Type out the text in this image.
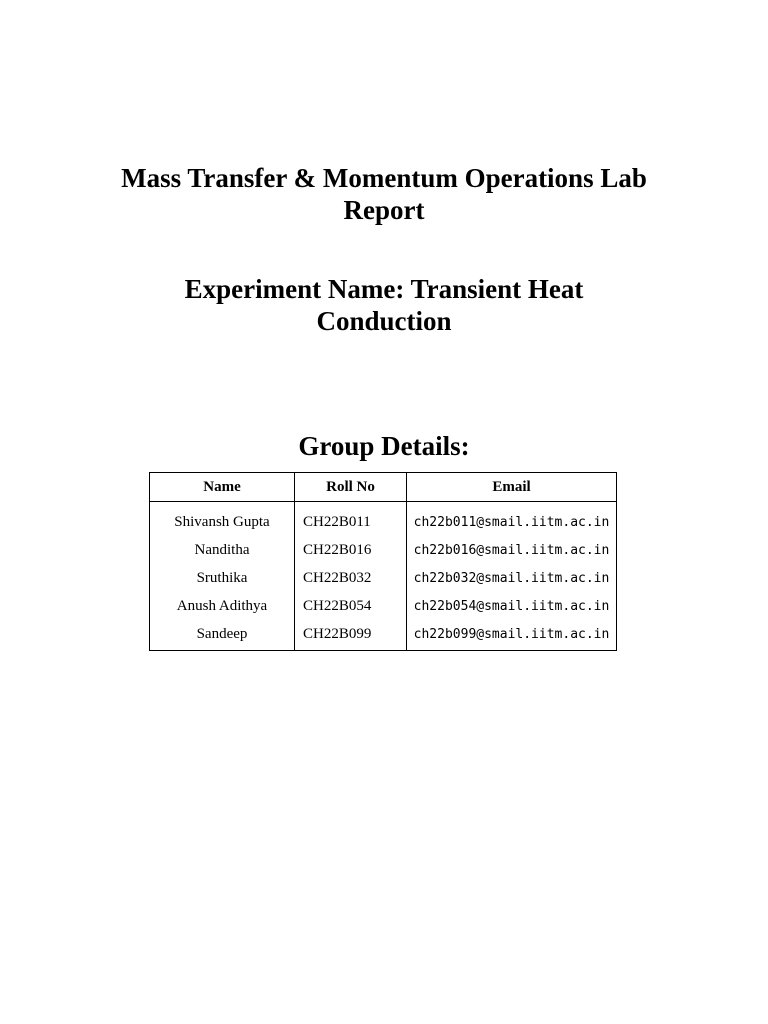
Mass Transfer & Momentum Operations Lab
Report
Experiment Name: Transient Heat
Conduction
Group Details:
Name	Roll No	Email
Shivansh Gupta	CH22B011	ch22b011@smail.iitm.ac.in
Nanditha	CH22B016	ch22b016@smail.iitm.ac.in
Sruthika	CH22B032	ch22b032@smail.iitm.ac.in
Anush Adithya	CH22B054	ch22b054@smail.iitm.ac.in
Sandeep	CH22B099	ch22b099@smail.iitm.ac.in
